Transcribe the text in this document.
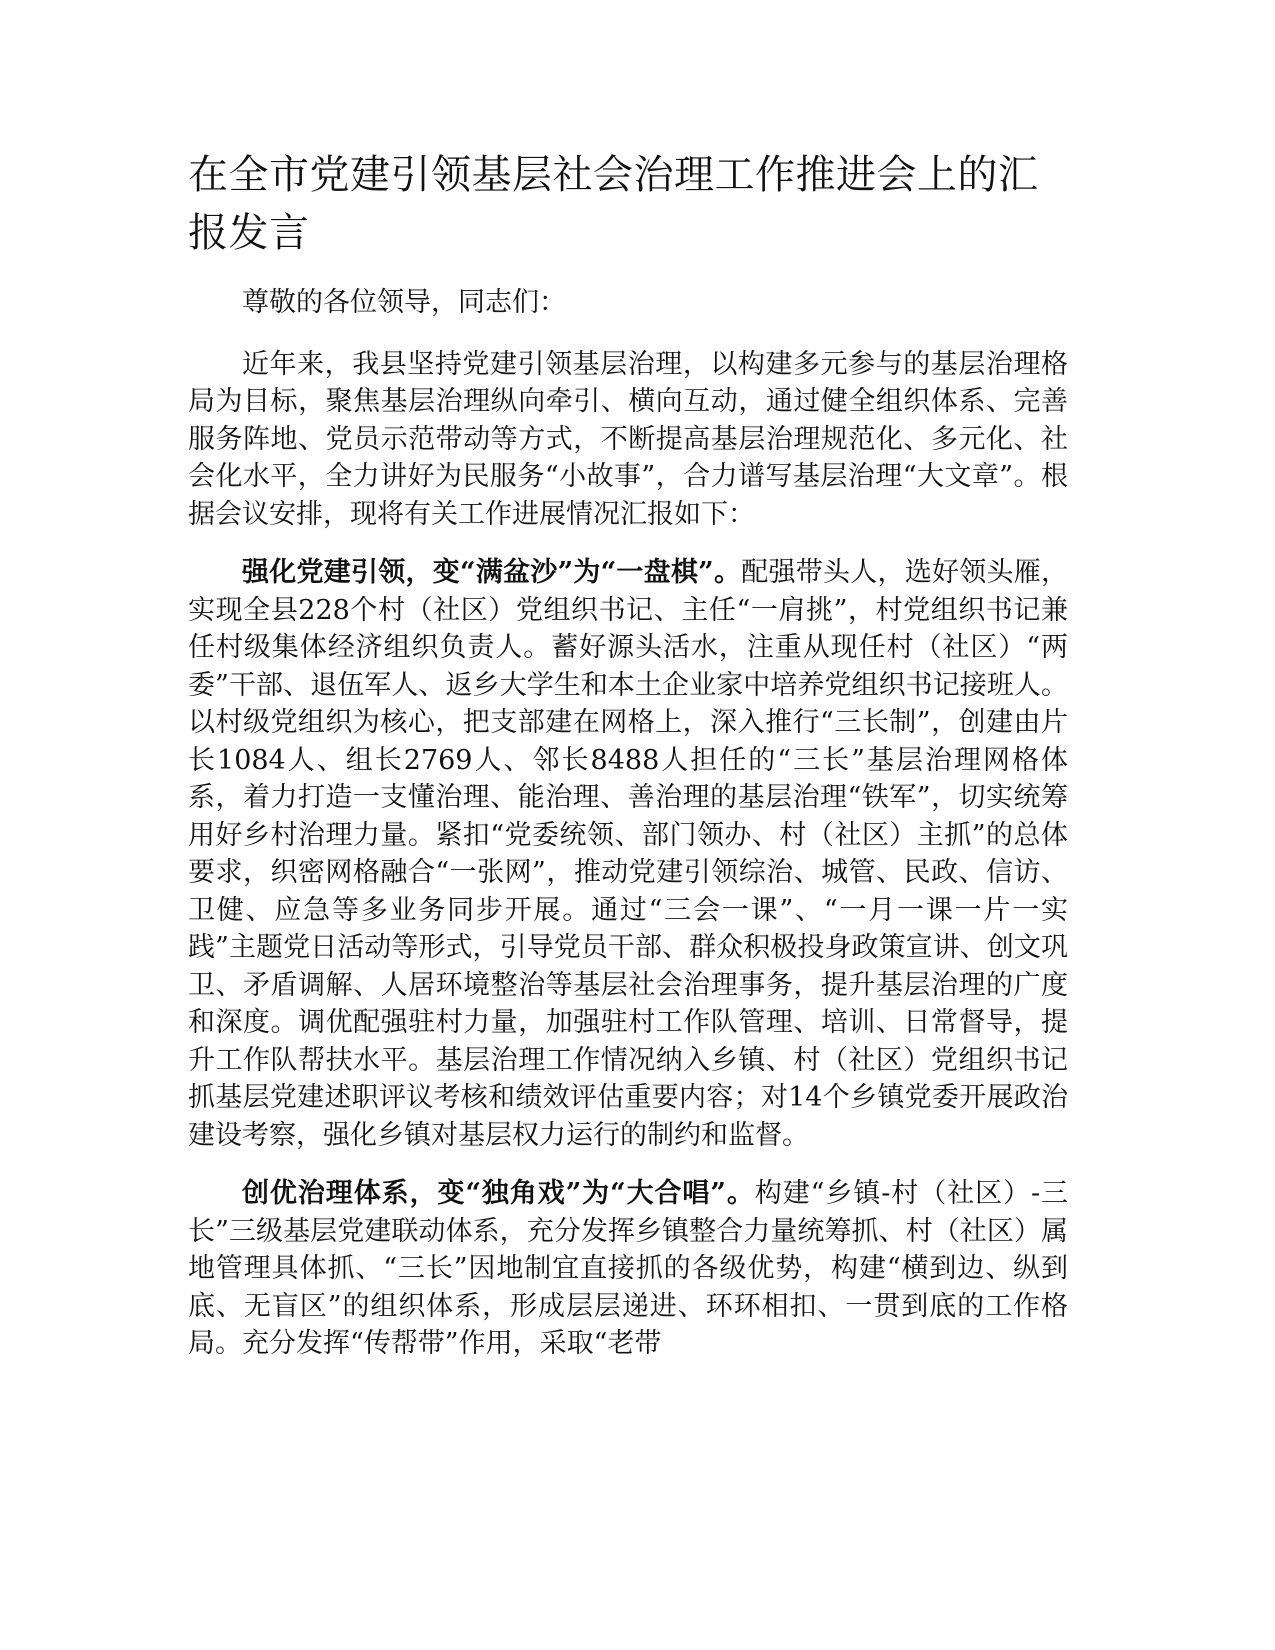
在全市党建引领基层社会治理工作推进会上的汇报发言

尊敬的各位领导，同志们：

近年来，我县坚持党建引领基层治理，以构建多元参与的基层治理格局为目标，聚焦基层治理纵向牵引、横向互动，通过健全组织体系、完善服务阵地、党员示范带动等方式，不断提高基层治理规范化、多元化、社会化水平，全力讲好为民服务“小故事”，合力谱写基层治理“大文章”。根据会议安排，现将有关工作进展情况汇报如下：

强化党建引领，变“满盆沙”为“一盘棋”。配强带头人，选好领头雁，实现全县228个村（社区）党组织书记、主任“一肩挑”，村党组织书记兼任村级集体经济组织负责人。蓄好源头活水，注重从现任村（社区）“两委”干部、退伍军人、返乡大学生和本土企业家中培养党组织书记接班人。以村级党组织为核心，把支部建在网格上，深入推行“三长制”，创建由片长1084人、组长2769人、邻长8488人担任的“三长”基层治理网格体系，着力打造一支懂治理、能治理、善治理的基层治理“铁军”，切实统筹用好乡村治理力量。紧扣“党委统领、部门领办、村（社区）主抓”的总体要求，织密网格融合“一张网”，推动党建引领综治、城管、民政、信访、卫健、应急等多业务同步开展。通过“三会一课”、“一月一课一片一实践”主题党日活动等形式，引导党员干部、群众积极投身政策宣讲、创文巩卫、矛盾调解、人居环境整治等基层社会治理事务，提升基层治理的广度和深度。调优配强驻村力量，加强驻村工作队管理、培训、日常督导，提升工作队帮扶水平。基层治理工作情况纳入乡镇、村（社区）党组织书记抓基层党建述职评议考核和绩效评估重要内容；对14个乡镇党委开展政治建设考察，强化乡镇对基层权力运行的制约和监督。

创优治理体系，变“独角戏”为“大合唱”。构建“乡镇-村（社区）-三长”三级基层党建联动体系，充分发挥乡镇整合力量统筹抓、村（社区）属地管理具体抓、“三长”因地制宜直接抓的各级优势，构建“横到边、纵到底、无盲区”的组织体系，形成层层递进、环环相扣、一贯到底的工作格局。充分发挥“传帮带”作用，采取“老带
